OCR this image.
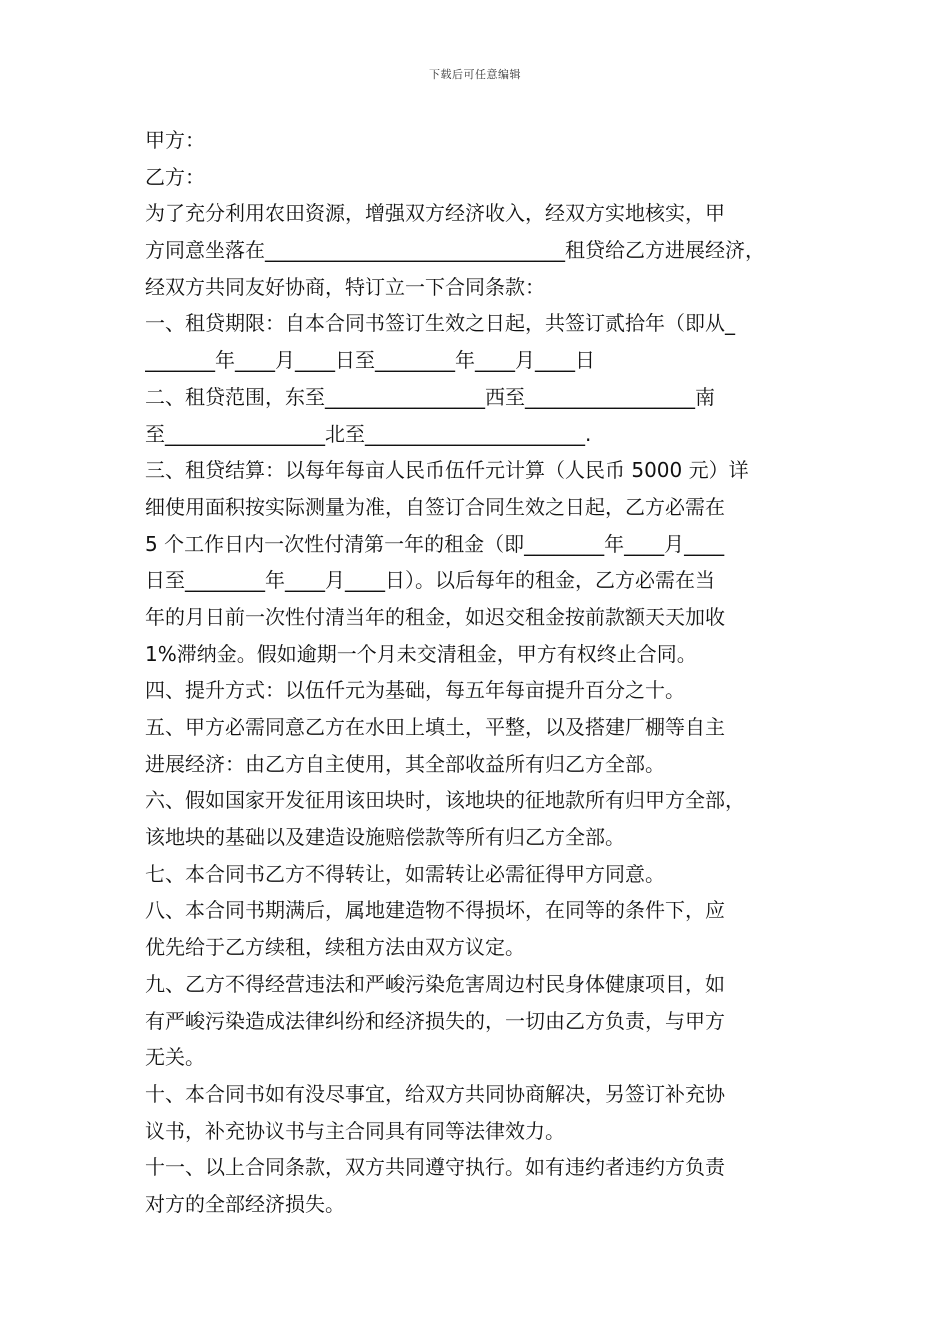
下载后可任意编辑
甲方：
乙方：
为了充分利用农田资源，增强双方经济收入，经双方实地核实，甲
方同意坐落在______________________________租贷给乙方进展经济，
经双方共同友好协商，特订立一下合同条款：
一、租贷期限：自本合同书签订生效之日起，共签订贰拾年（即从_
_______年____月____日至________年____月____日
二、租贷范围，东至________________西至_________________南
至________________北至______________________.
三、租贷结算：以每年每亩人民币伍仟元计算（人民币 5000 元）详
细使用面积按实际测量为准，自签订合同生效之日起，乙方必需在
5 个工作日内一次性付清第一年的租金（即________年____月____
日至________年____月____日）。以后每年的租金，乙方必需在当
年的月日前一次性付清当年的租金，如迟交租金按前款额天天加收
1%滞纳金。假如逾期一个月未交清租金，甲方有权终止合同。
四、提升方式：以伍仟元为基础，每五年每亩提升百分之十。
五、甲方必需同意乙方在水田上填土，平整，以及搭建厂棚等自主
进展经济：由乙方自主使用，其全部收益所有归乙方全部。
六、假如国家开发征用该田块时，该地块的征地款所有归甲方全部，
该地块的基础以及建造设施赔偿款等所有归乙方全部。
七、本合同书乙方不得转让，如需转让必需征得甲方同意。
八、本合同书期满后，属地建造物不得损坏，在同等的条件下，应
优先给于乙方续租，续租方法由双方议定。
九、乙方不得经营违法和严峻污染危害周边村民身体健康项目，如
有严峻污染造成法律纠纷和经济损失的，一切由乙方负责，与甲方
无关。
十、本合同书如有没尽事宜，给双方共同协商解决，另签订补充协
议书，补充协议书与主合同具有同等法律效力。
十一、以上合同条款，双方共同遵守执行。如有违约者违约方负责
对方的全部经济损失。
